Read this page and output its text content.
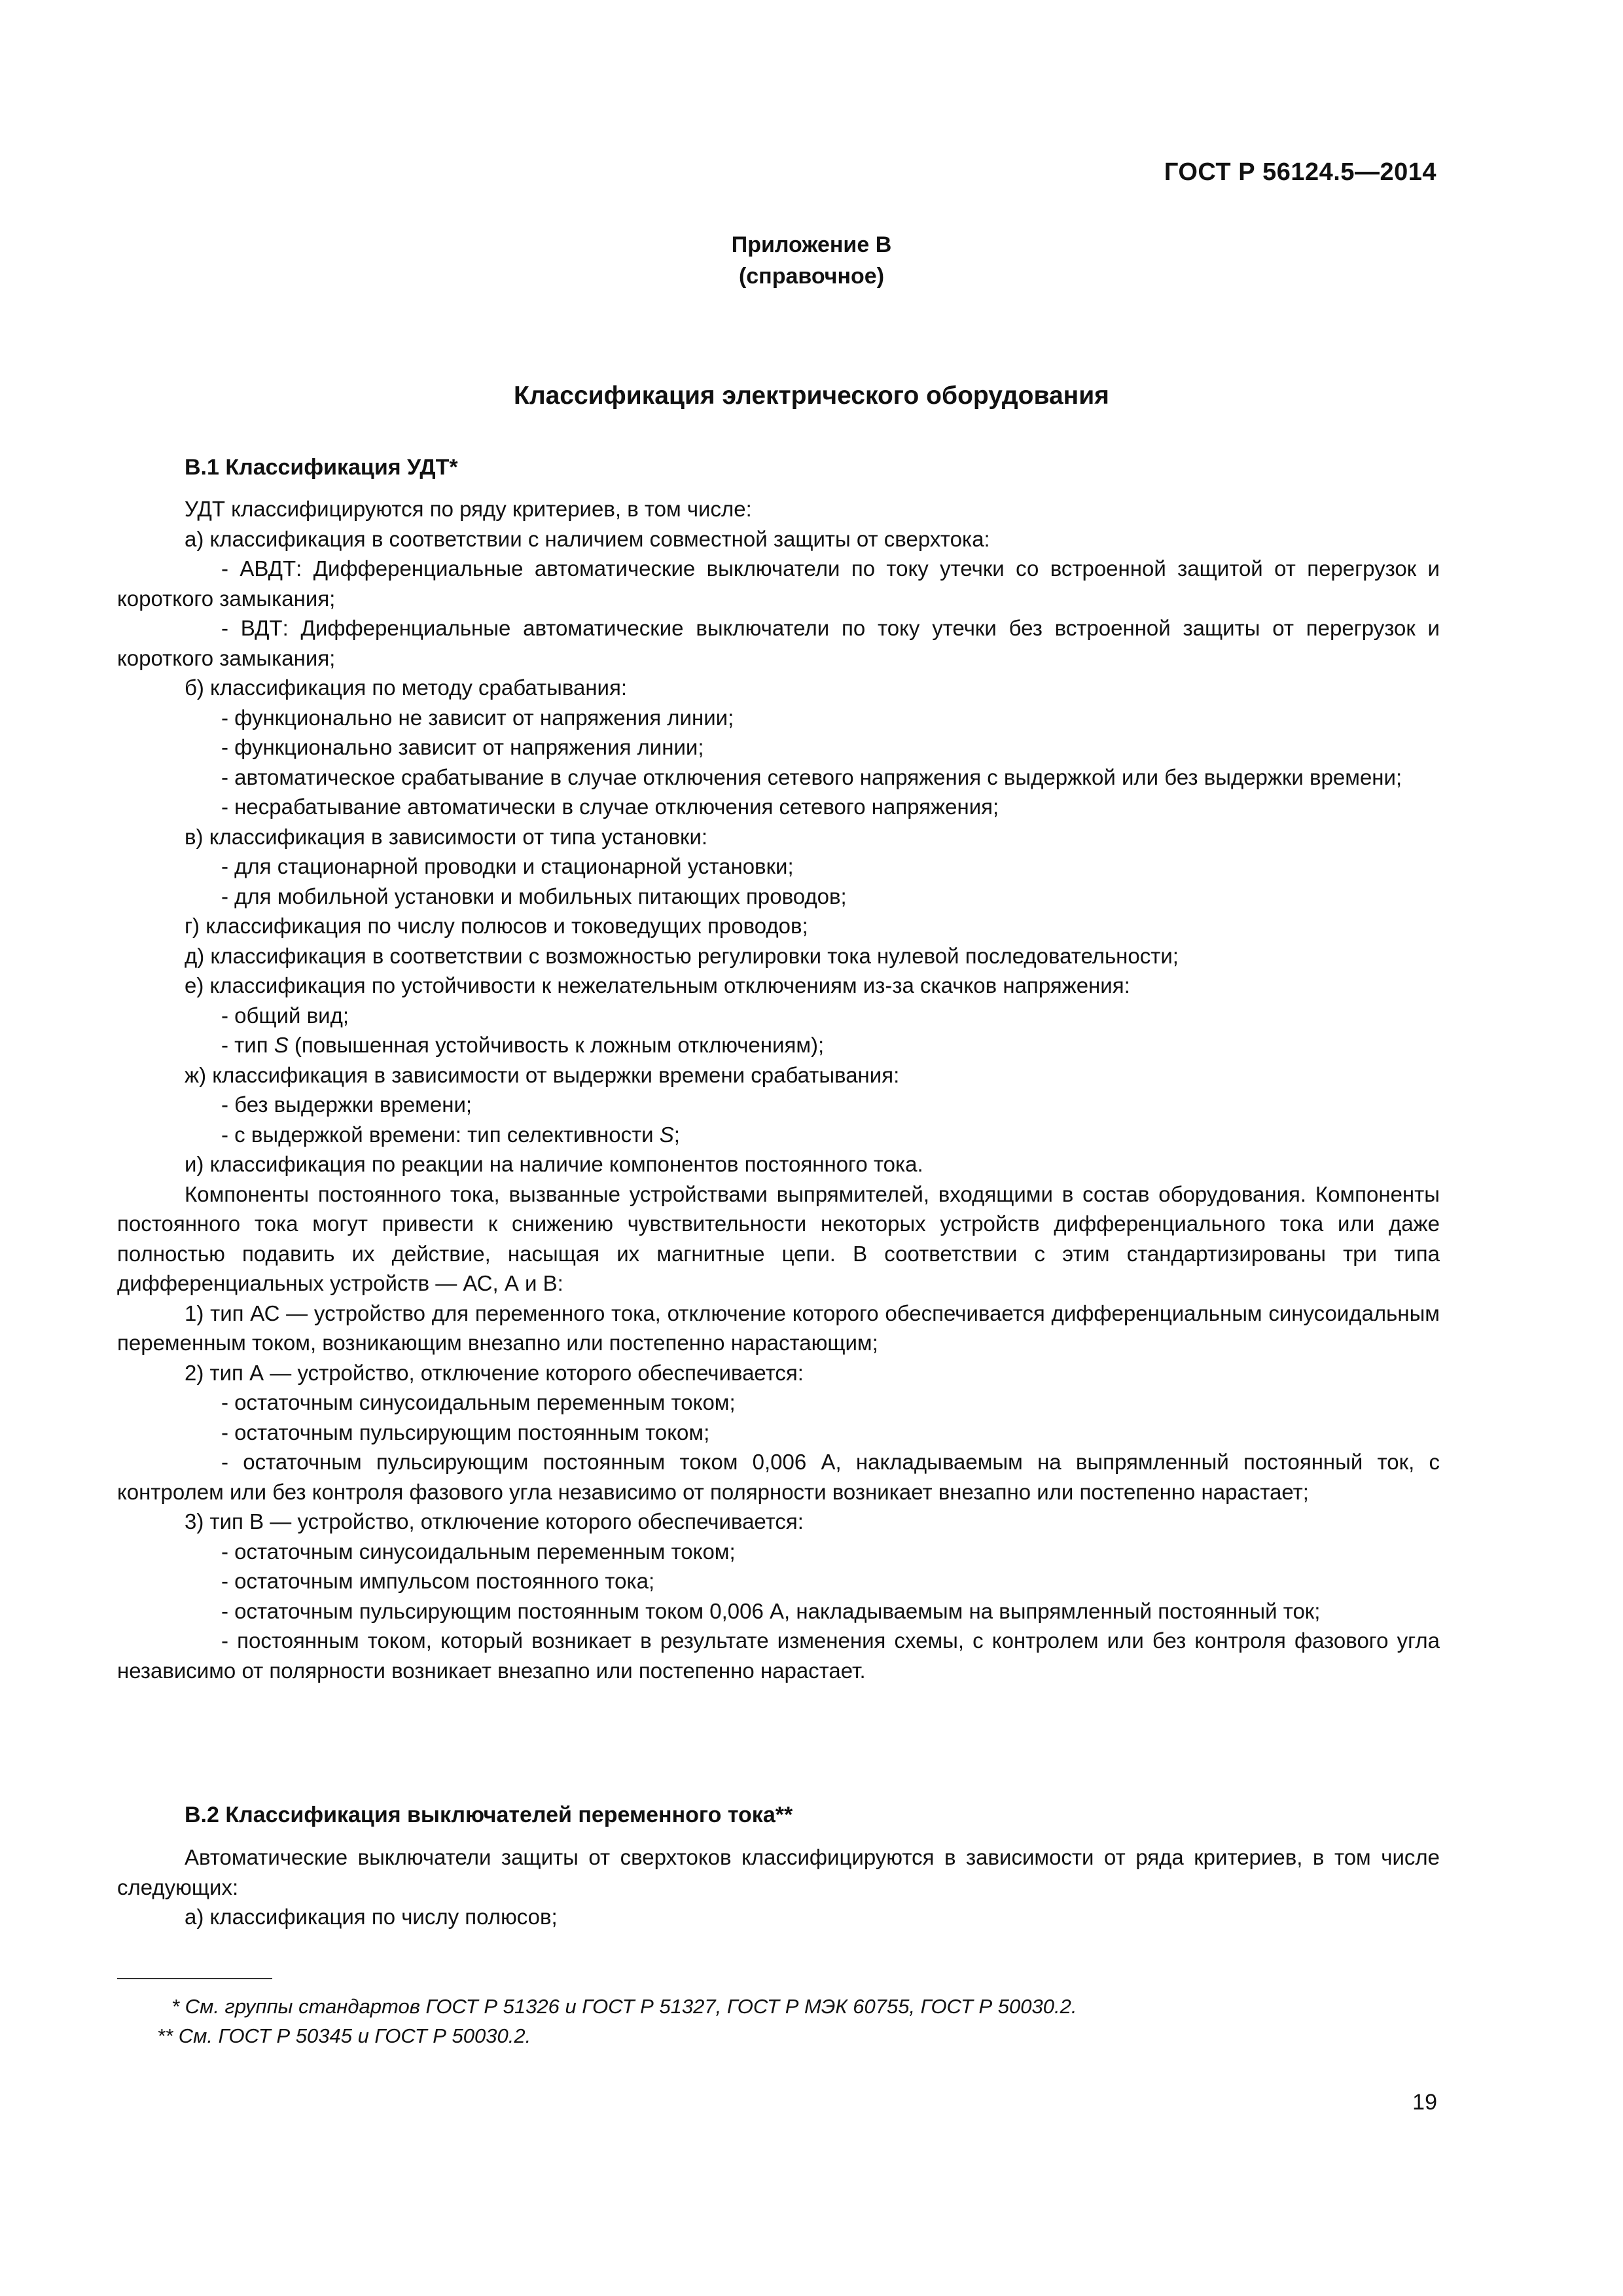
ГОСТ Р 56124.5—2014
Приложение В
(справочное)
Классификация электрического оборудования
В.1 Классификация УДТ*
УДТ классифицируются по ряду критериев, в том числе:
а) классификация в соответствии с наличием совместной защиты от сверхтока:
- АВДТ: Дифференциальные автоматические выключатели по току утечки со встроенной защитой от перегрузок и короткого замыкания;
- ВДТ: Дифференциальные автоматические выключатели по току утечки без встроенной защиты от перегрузок и короткого замыкания;
б) классификация по методу срабатывания:
- функционально не зависит от напряжения линии;
- функционально зависит от напряжения линии;
- автоматическое срабатывание в случае отключения сетевого напряжения с выдержкой или без выдержки времени;
- несрабатывание автоматически в случае отключения сетевого напряжения;
в) классификация в зависимости от типа установки:
- для стационарной проводки и стационарной установки;
- для мобильной установки и мобильных питающих проводов;
г) классификация по числу полюсов и токоведущих проводов;
д) классификация в соответствии с возможностью регулировки тока нулевой последовательности;
е) классификация по устойчивости к нежелательным отключениям из-за скачков напряжения:
- общий вид;
- тип S (повышенная устойчивость к ложным отключениям);
ж) классификация в зависимости от выдержки времени срабатывания:
- без выдержки времени;
- с выдержкой времени: тип селективности S;
и) классификация по реакции на наличие компонентов постоянного тока.
Компоненты постоянного тока, вызванные устройствами выпрямителей, входящими в состав оборудования. Компоненты постоянного тока могут привести к снижению чувствительности некоторых устройств дифференциального тока или даже полностью подавить их действие, насыщая их магнитные цепи. В соответствии с этим стандартизированы три типа дифференциальных устройств — АС, А и В:
1) тип АС — устройство для переменного тока, отключение которого обеспечивается дифференциальным синусоидальным переменным током, возникающим внезапно или постепенно нарастающим;
2) тип А — устройство, отключение которого обеспечивается:
- остаточным синусоидальным переменным током;
- остаточным пульсирующим постоянным током;
- остаточным пульсирующим постоянным током 0,006 А, накладываемым на выпрямленный постоянный ток, с контролем или без контроля фазового угла независимо от полярности возникает внезапно или постепенно нарастает;
3) тип В — устройство, отключение которого обеспечивается:
- остаточным синусоидальным переменным током;
- остаточным импульсом постоянного тока;
- остаточным пульсирующим постоянным током 0,006 А, накладываемым на выпрямленный постоянный ток;
- постоянным током, который возникает в результате изменения схемы, с контролем или без контроля фазового угла независимо от полярности возникает внезапно или постепенно нарастает.
В.2 Классификация выключателей переменного тока**
Автоматические выключатели защиты от сверхтоков классифицируются в зависимости от ряда критериев, в том числе следующих:
а) классификация по числу полюсов;
* См. группы стандартов ГОСТ Р 51326 и ГОСТ Р 51327, ГОСТ Р МЭК 60755, ГОСТ Р 50030.2.
** См. ГОСТ Р 50345 и ГОСТ Р 50030.2.
19
